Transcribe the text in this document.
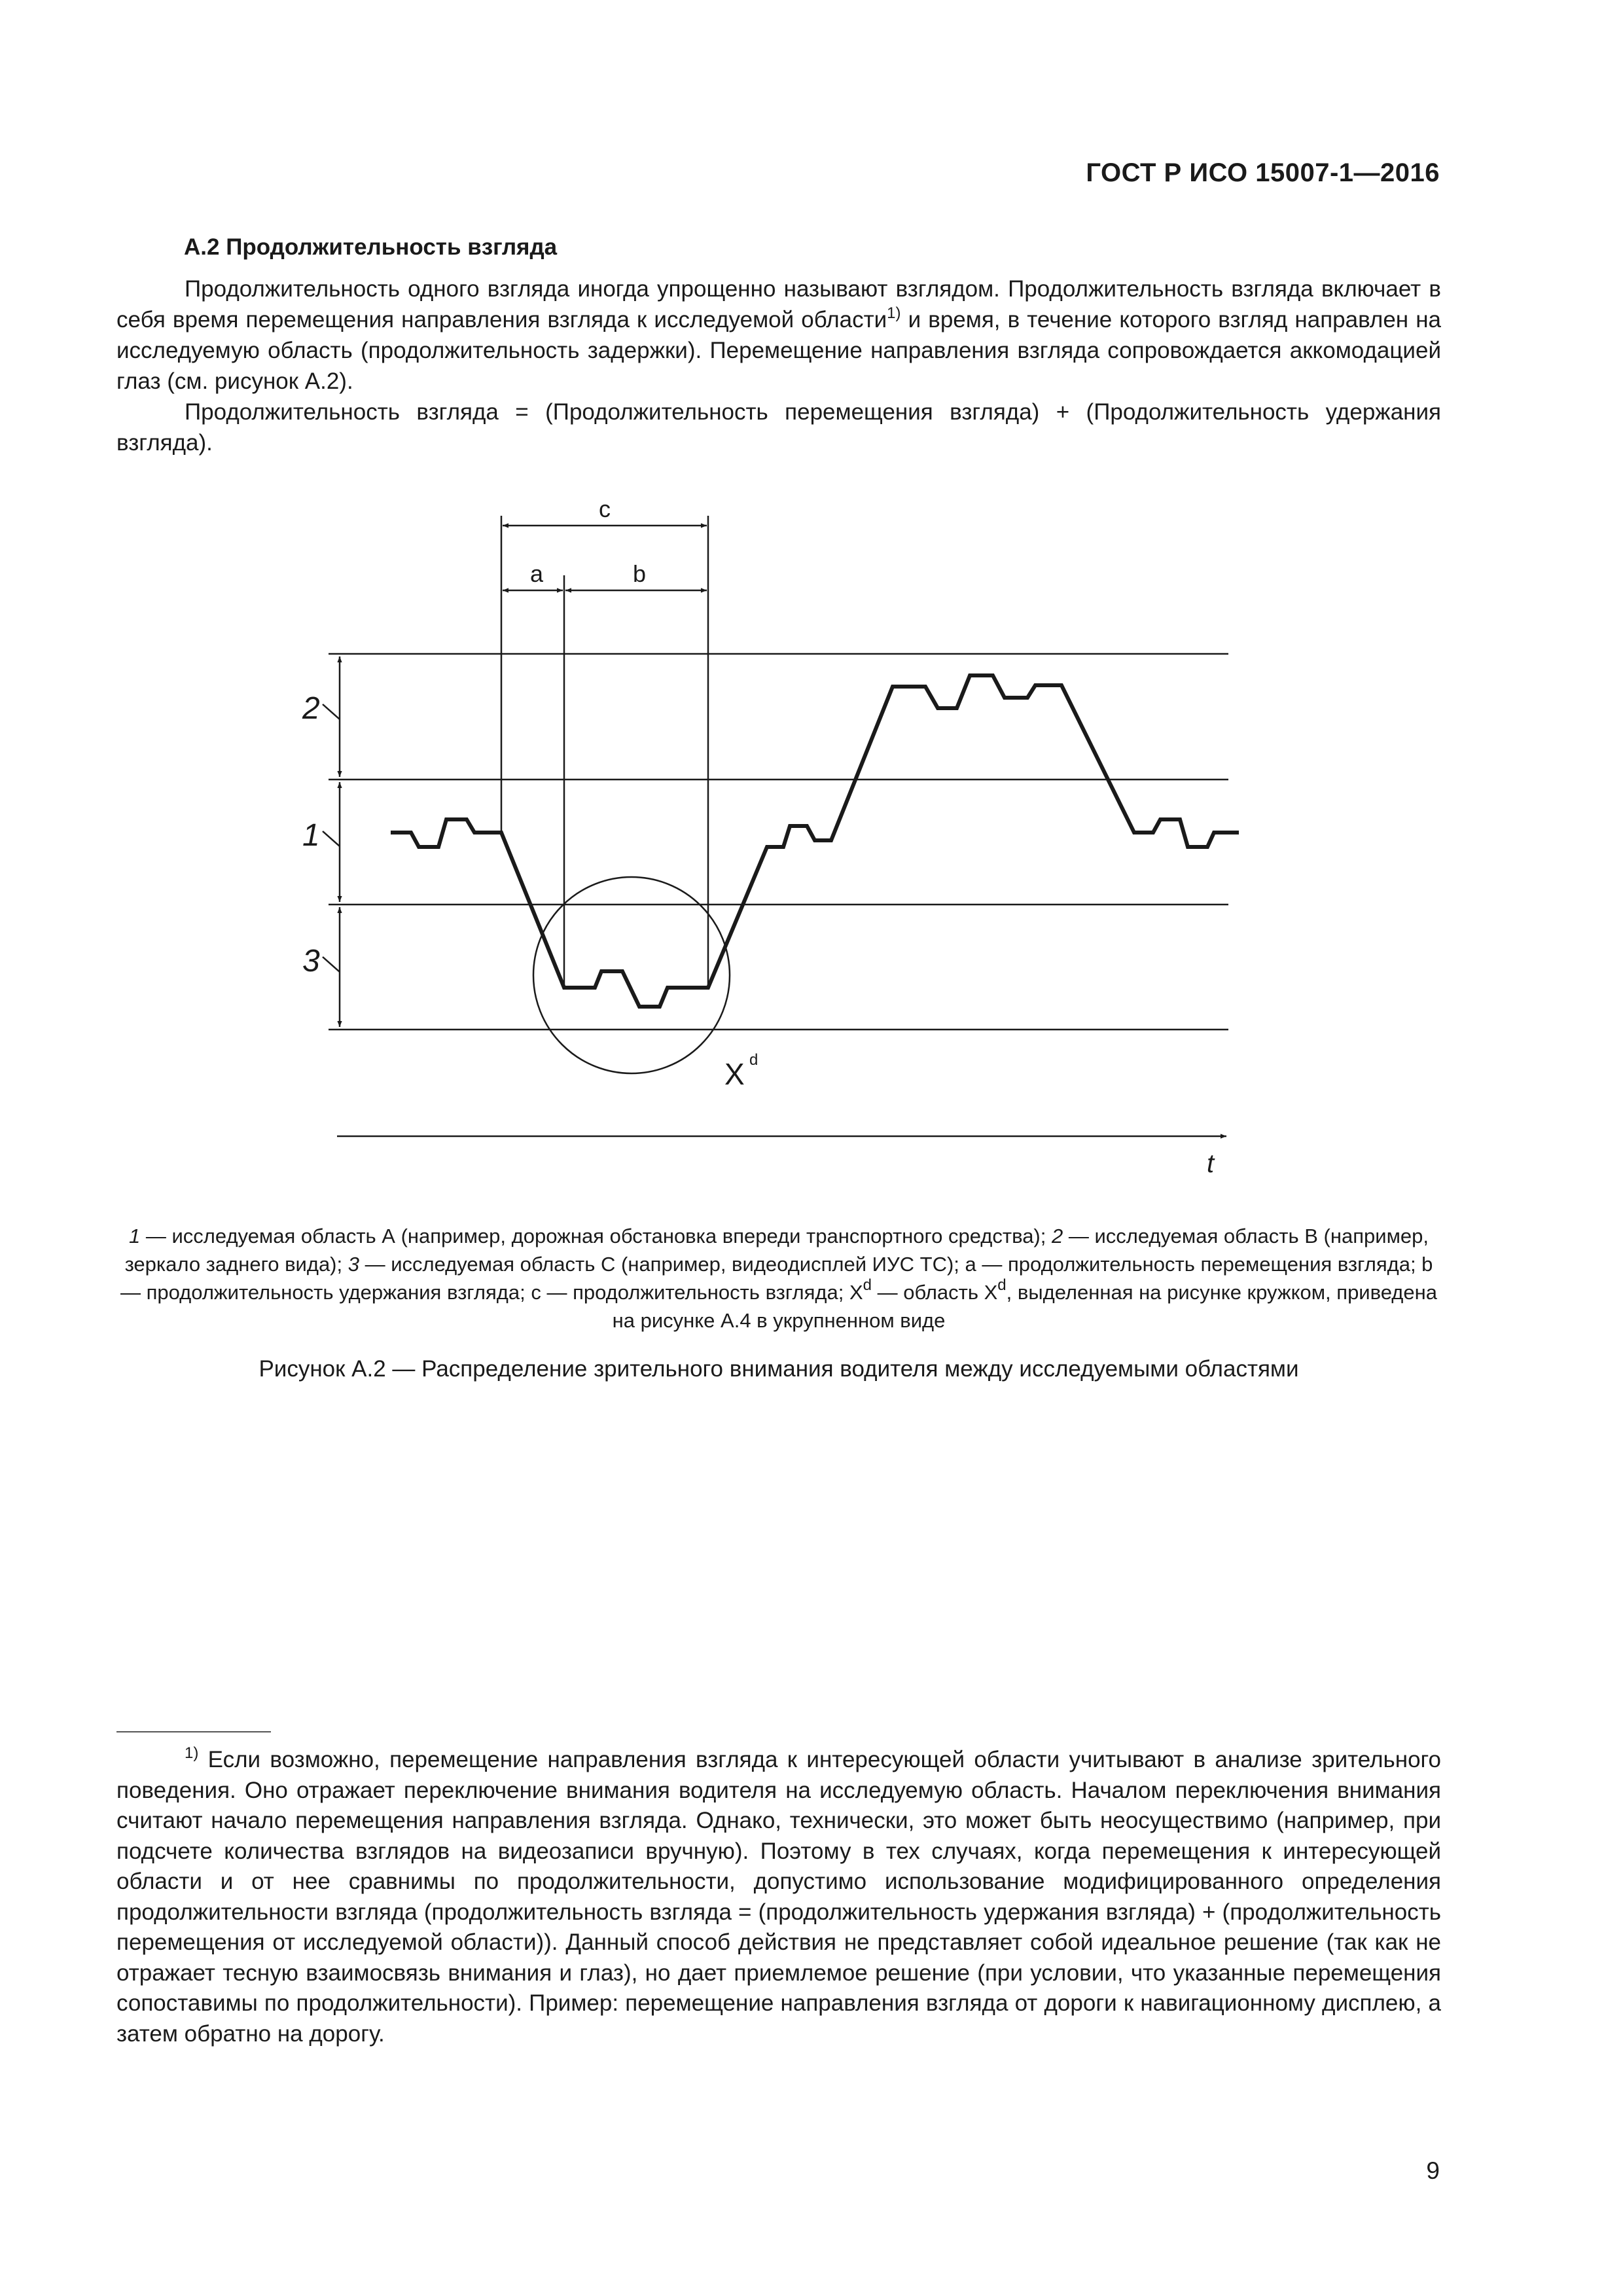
ГОСТ Р ИСО 15007-1—2016
А.2 Продолжительность взгляда
Продолжительность одного взгляда иногда упрощенно называют взглядом. Продолжительность взгляда включает в себя время перемещения направления взгляда к исследуемой области$^{1)}$ и время, в течение которого взгляд направлен на исследуемую область (продолжительность задержки). Перемещение направления взгляда сопровождается аккомодацией глаз (см. рисунок А.2).
Продолжительность взгляда = (Продолжительность перемещения взгляда) + (Продолжительность удержания взгляда).
c
a	b
2
1
3
X d
t
1 — исследуемая область А (например, дорожная обстановка впереди транспортного средства); 2 — исследуемая область В (например, зеркало заднего вида); 3 — исследуемая область С (например, видеодисплей ИУС ТС); а — продолжительность перемещения взгляда; b — продолжительность удержания взгляда; с — продолжительность взгляда; $X^d$ — область $X^d$, выделенная на рисунке кружком, приведена на рисунке А.4 в укрупненном виде
Рисунок А.2 — Распределение зрительного внимания водителя между исследуемыми областями
$^{1)}$ Если возможно, перемещение направления взгляда к интересующей области учитывают в анализе зрительного поведения. Оно отражает переключение внимания водителя на исследуемую область. Началом переключения внимания считают начало перемещения направления взгляда. Однако, технически, это может быть неосуществимо (например, при подсчете количества взглядов на видеозаписи вручную). Поэтому в тех случаях, когда перемещения к интересующей области и от нее сравнимы по продолжительности, допустимо использование модифицированного определения продолжительности взгляда (продолжительность взгляда = (продолжительность удержания взгляда) + (продолжительность перемещения от исследуемой области)). Данный способ действия не представляет собой идеальное решение (так как не отражает тесную взаимосвязь внимания и глаз), но дает приемлемое решение (при условии, что указанные перемещения сопоставимы по продолжительности). Пример: перемещение направления взгляда от дороги к навигационному дисплею, а затем обратно на дорогу.
9
